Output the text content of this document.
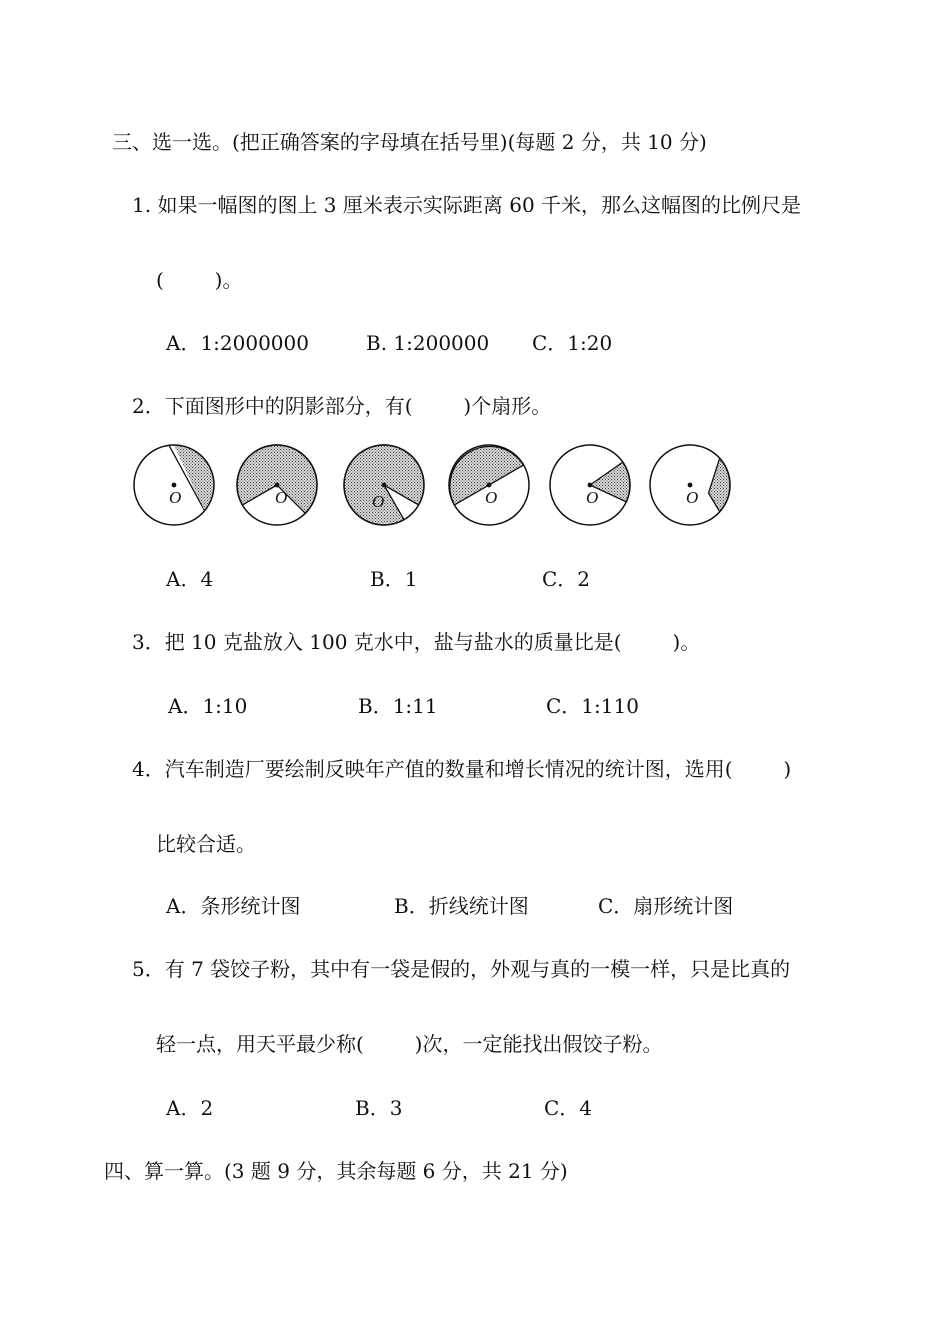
三、选一选。(把正确答案的字母填在括号里)(每题 2 分，共 10 分)
1. 如果一幅图的图上 3 厘米表示实际距离 60 千米，那么这幅图的比例尺是
(        )。
A．1:2000000	B. 1:200000 C．1:20
2．下面图形中的阴影部分，有(        )个扇形。
O	O	O	O	O	O
A．4	B．1	C．2
3．把 10 克盐放入 100 克水中，盐与盐水的质量比是(        )。
A．1:10	B．1:11	C．1:110
4．汽车制造厂要绘制反映年产值的数量和增长情况的统计图，选用(        )
比较合适。
A．条形统计图	B．折线统计图	C．扇形统计图
5．有 7 袋饺子粉，其中有一袋是假的，外观与真的一模一样，只是比真的
轻一点，用天平最少称(        )次，一定能找出假饺子粉。
A．2	B．3	C．4
四、算一算。(3 题 9 分，其余每题 6 分，共 21 分)
